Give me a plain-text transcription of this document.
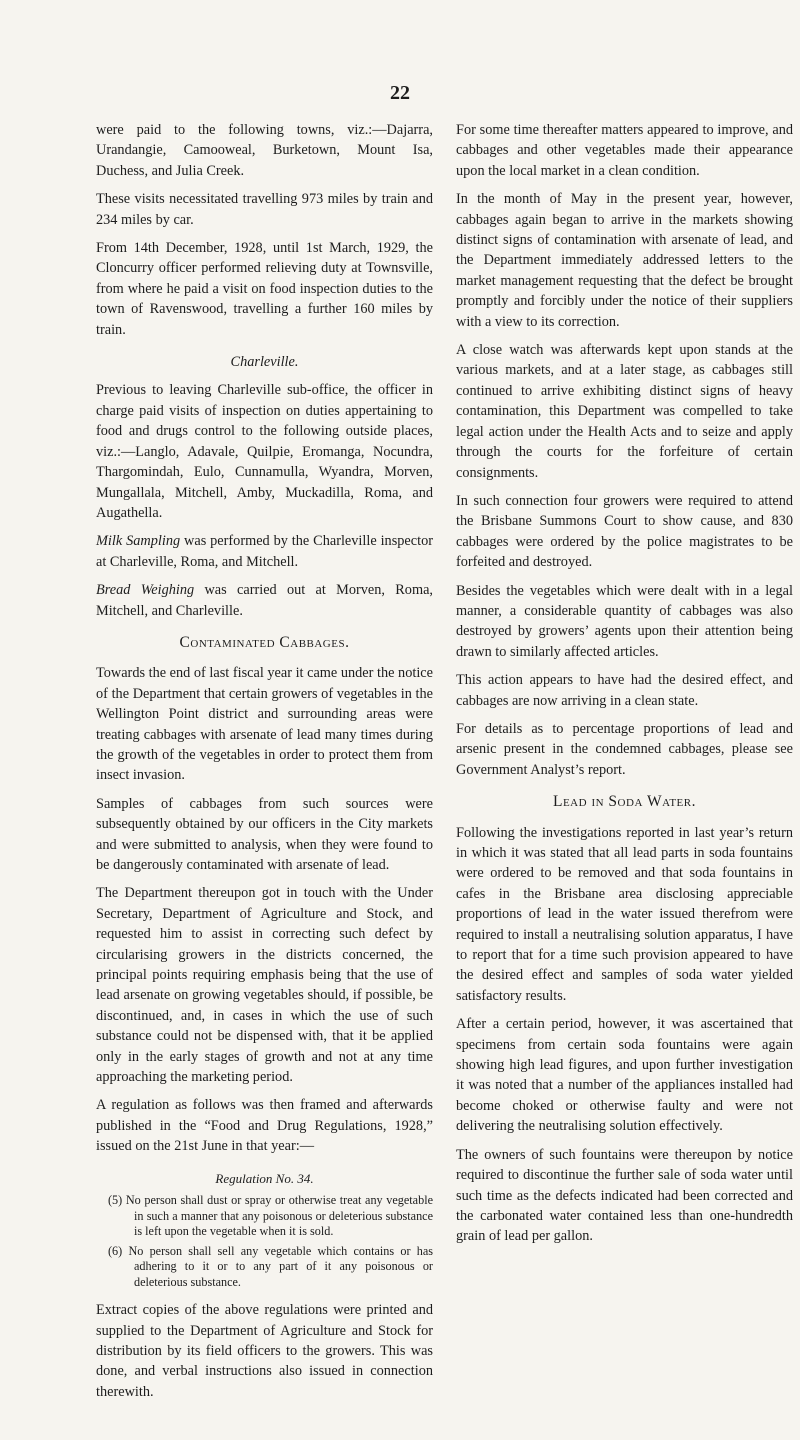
22

were paid to the following towns, viz.:—Dajarra, Urandangie, Camooweal, Burketown, Mount Isa, Duchess, and Julia Creek.

These visits necessitated travelling 973 miles by train and 234 miles by car.

From 14th December, 1928, until 1st March, 1929, the Cloncurry officer performed relieving duty at Townsville, from where he paid a visit on food inspection duties to the town of Ravenswood, travelling a further 160 miles by train.

Charleville.

Previous to leaving Charleville sub-office, the officer in charge paid visits of inspection on duties appertaining to food and drugs control to the following outside places, viz.:—Langlo, Adavale, Quilpie, Eromanga, Nocundra, Thargomindah, Eulo, Cunnamulla, Wyandra, Morven, Mungallala, Mitchell, Amby, Muckadilla, Roma, and Augathella.

Milk Sampling was performed by the Charleville inspector at Charleville, Roma, and Mitchell.

Bread Weighing was carried out at Morven, Roma, Mitchell, and Charleville.

Contaminated Cabbages.

Towards the end of last fiscal year it came under the notice of the Department that certain growers of vegetables in the Wellington Point district and surrounding areas were treating cabbages with arsenate of lead many times during the growth of the vegetables in order to protect them from insect invasion.

Samples of cabbages from such sources were subsequently obtained by our officers in the City markets and were submitted to analysis, when they were found to be dangerously contaminated with arsenate of lead.

The Department thereupon got in touch with the Under Secretary, Department of Agriculture and Stock, and requested him to assist in correcting such defect by circularising growers in the districts concerned, the principal points requiring emphasis being that the use of lead arsenate on growing vegetables should, if possible, be discontinued, and, in cases in which the use of such substance could not be dispensed with, that it be applied only in the early stages of growth and not at any time approaching the marketing period.

A regulation as follows was then framed and afterwards published in the “Food and Drug Regulations, 1928,” issued on the 21st June in that year:—

Regulation No. 34.

(5) No person shall dust or spray or otherwise treat any vegetable in such a manner that any poisonous or deleterious substance is left upon the vegetable when it is sold.

(6) No person shall sell any vegetable which contains or has adhering to it or to any part of it any poisonous or deleterious substance.

Extract copies of the above regulations were printed and supplied to the Department of Agriculture and Stock for distribution by its field officers to the growers. This was done, and verbal instructions also issued in connection therewith.

For some time thereafter matters appeared to improve, and cabbages and other vegetables made their appearance upon the local market in a clean condition.

In the month of May in the present year, however, cabbages again began to arrive in the markets showing distinct signs of contamination with arsenate of lead, and the Department immediately addressed letters to the market management requesting that the defect be brought promptly and forcibly under the notice of their suppliers with a view to its correction.

A close watch was afterwards kept upon stands at the various markets, and at a later stage, as cabbages still continued to arrive exhibiting distinct signs of heavy contamination, this Department was compelled to take legal action under the Health Acts and to seize and apply through the courts for the forfeiture of certain consignments.

In such connection four growers were required to attend the Brisbane Summons Court to show cause, and 830 cabbages were ordered by the police magistrates to be forfeited and destroyed.

Besides the vegetables which were dealt with in a legal manner, a considerable quantity of cabbages was also destroyed by growers’ agents upon their attention being drawn to similarly affected articles.

This action appears to have had the desired effect, and cabbages are now arriving in a clean state.

For details as to percentage proportions of lead and arsenic present in the condemned cabbages, please see Government Analyst’s report.

Lead in Soda Water.

Following the investigations reported in last year’s return in which it was stated that all lead parts in soda fountains were ordered to be removed and that soda fountains in cafes in the Brisbane area disclosing appreciable proportions of lead in the water issued therefrom were required to install a neutralising solution apparatus, I have to report that for a time such provision appeared to have the desired effect and samples of soda water yielded satisfactory results.

After a certain period, however, it was ascertained that specimens from certain soda fountains were again showing high lead figures, and upon further investigation it was noted that a number of the appliances installed had become choked or otherwise faulty and were not delivering the neutralising solution effectively.

The owners of such fountains were thereupon by notice required to discontinue the further sale of soda water until such time as the defects indicated had been corrected and the carbonated water contained less than one-hundredth grain of lead per gallon.
